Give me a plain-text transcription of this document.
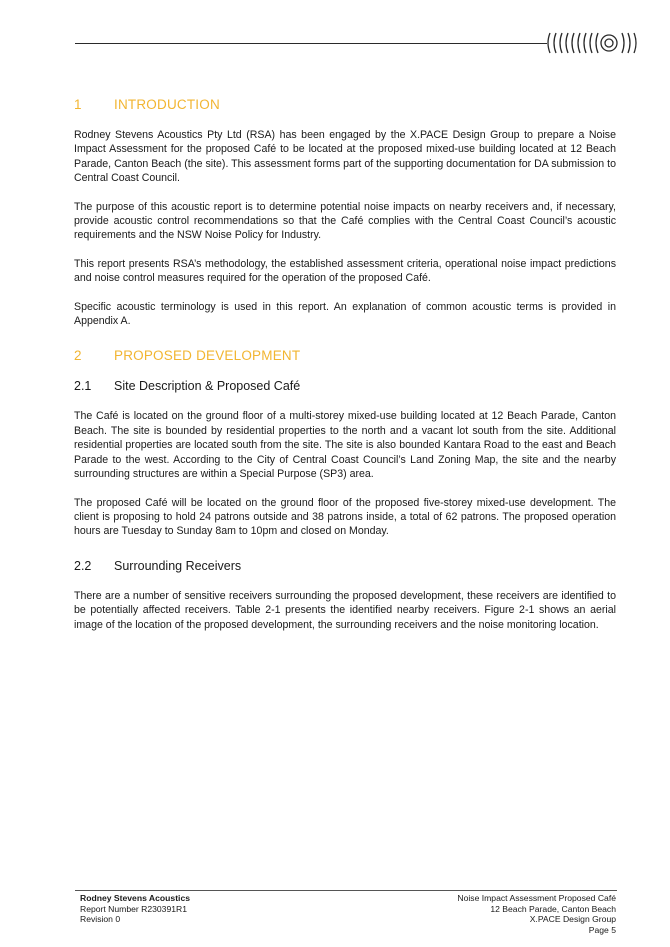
1	INTRODUCTION

Rodney Stevens Acoustics Pty Ltd (RSA) has been engaged by the X.PACE Design Group to prepare a Noise Impact Assessment for the proposed Café to be located at the proposed mixed-use building located at 12 Beach Parade, Canton Beach (the site). This assessment forms part of the supporting documentation for DA submission to Central Coast Council.

The purpose of this acoustic report is to determine potential noise impacts on nearby receivers and, if necessary, provide acoustic control recommendations so that the Café complies with the Central Coast Council’s acoustic requirements and the NSW Noise Policy for Industry.

This report presents RSA’s methodology, the established assessment criteria, operational noise impact predictions and noise control measures required for the operation of the proposed Café.

Specific acoustic terminology is used in this report. An explanation of common acoustic terms is provided in Appendix A.

2	PROPOSED DEVELOPMENT
2.1	Site Description & Proposed Café

The Café is located on the ground floor of a multi-storey mixed-use building located at 12 Beach Parade, Canton Beach. The site is bounded by residential properties to the north and a vacant lot south from the site. Additional residential properties are located south from the site. The site is also bounded Kantara Road to the east and Beach Parade to the west. According to the City of Central Coast Council’s Land Zoning Map, the site and the nearby surrounding structures are within a Special Purpose (SP3) area.

The proposed Café will be located on the ground floor of the proposed five-storey mixed-use development. The client is proposing to hold 24 patrons outside and 38 patrons inside, a total of 62 patrons. The proposed operation hours are Tuesday to Sunday 8am to 10pm and closed on Monday.

2.2	Surrounding Receivers

There are a number of sensitive receivers surrounding the proposed development, these receivers are identified to be potentially affected receivers. Table 2-1 presents the identified nearby receivers. Figure 2-1 shows an aerial image of the location of the proposed development, the surrounding receivers and the noise monitoring location.

Rodney Stevens Acoustics
Report Number R230391R1
Revision 0
Noise Impact Assessment Proposed Café
12 Beach Parade, Canton Beach
X.PACE Design Group
Page 5
